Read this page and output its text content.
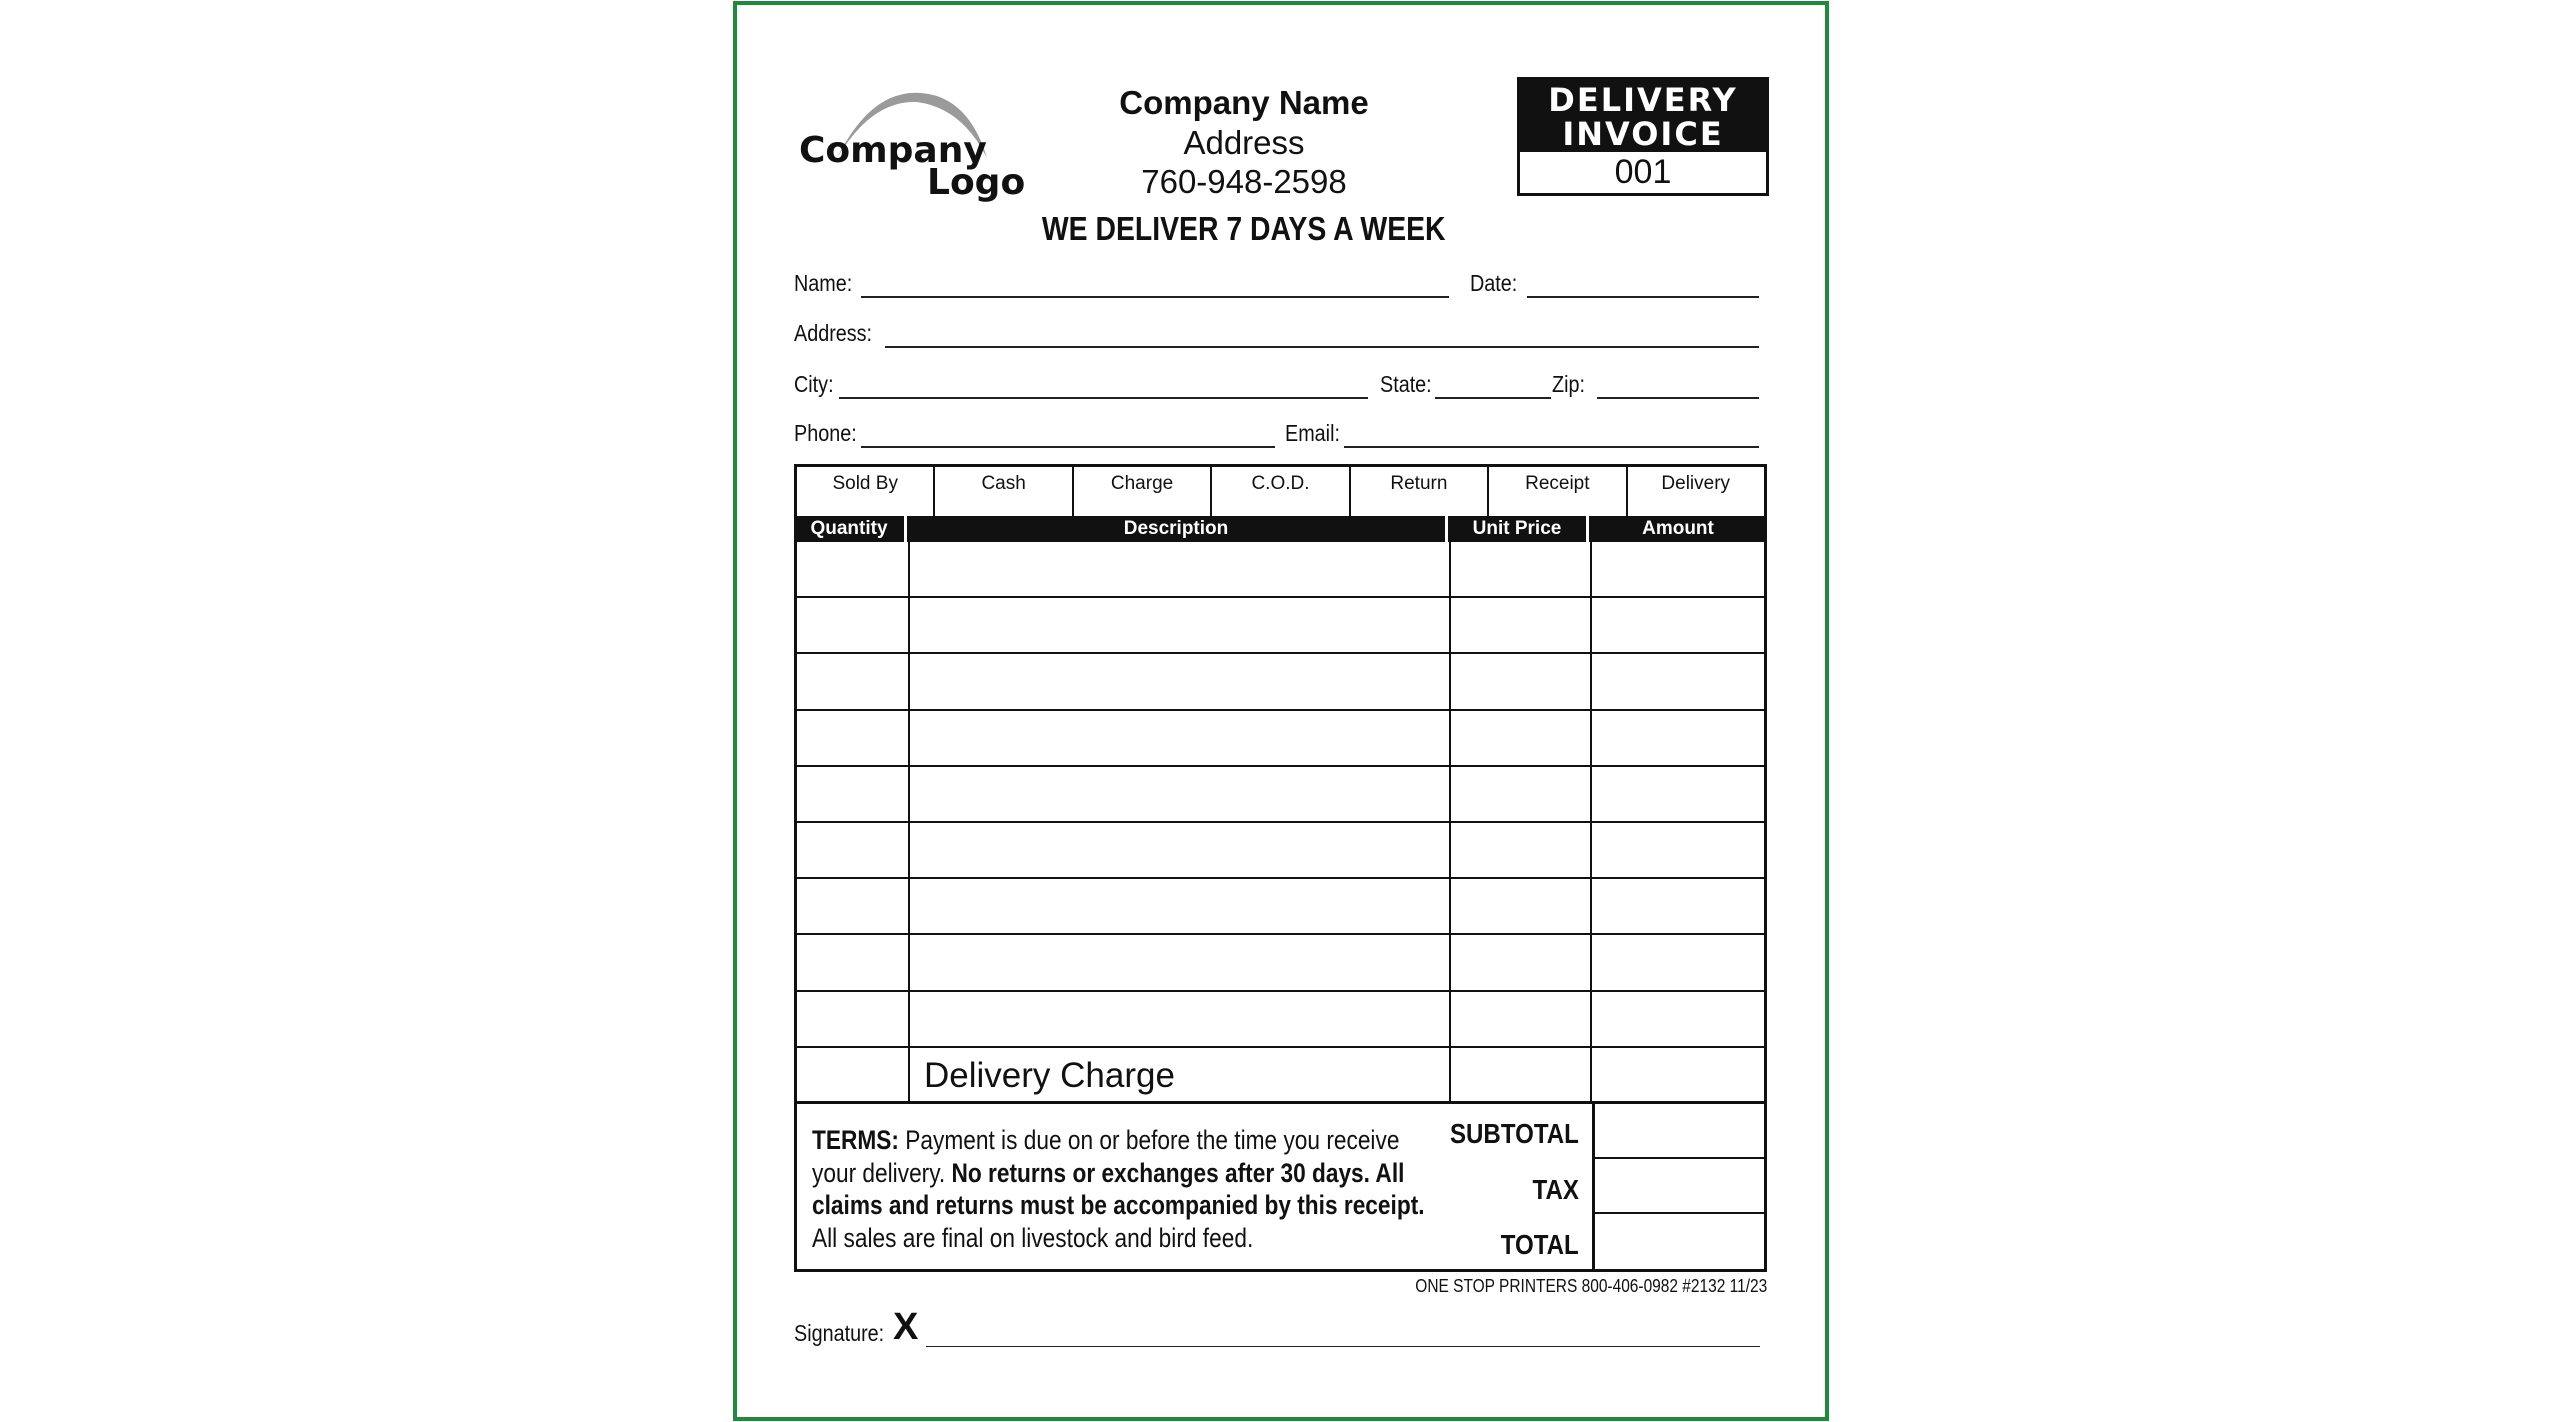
Company
Logo
Company Name
Address
760-948-2598
WE DELIVER 7 DAYS A WEEK
DELIVERY
INVOICE
001
Name:	Date:
Address:
City:	State:	Zip:
Phone:	Email:
Sold By	Cash	Charge	C.O.D.	Return	Receipt	Delivery
Quantity	Description	Unit Price	Amount
Delivery Charge
TERMS: Payment is due on or before the time you receive your delivery. No returns or exchanges after 30 days. All claims and returns must be accompanied by this receipt. All sales are final on livestock and bird feed.
SUBTOTAL
TAX
TOTAL
ONE STOP PRINTERS 800-406-0982 #2132 11/23
Signature: X
